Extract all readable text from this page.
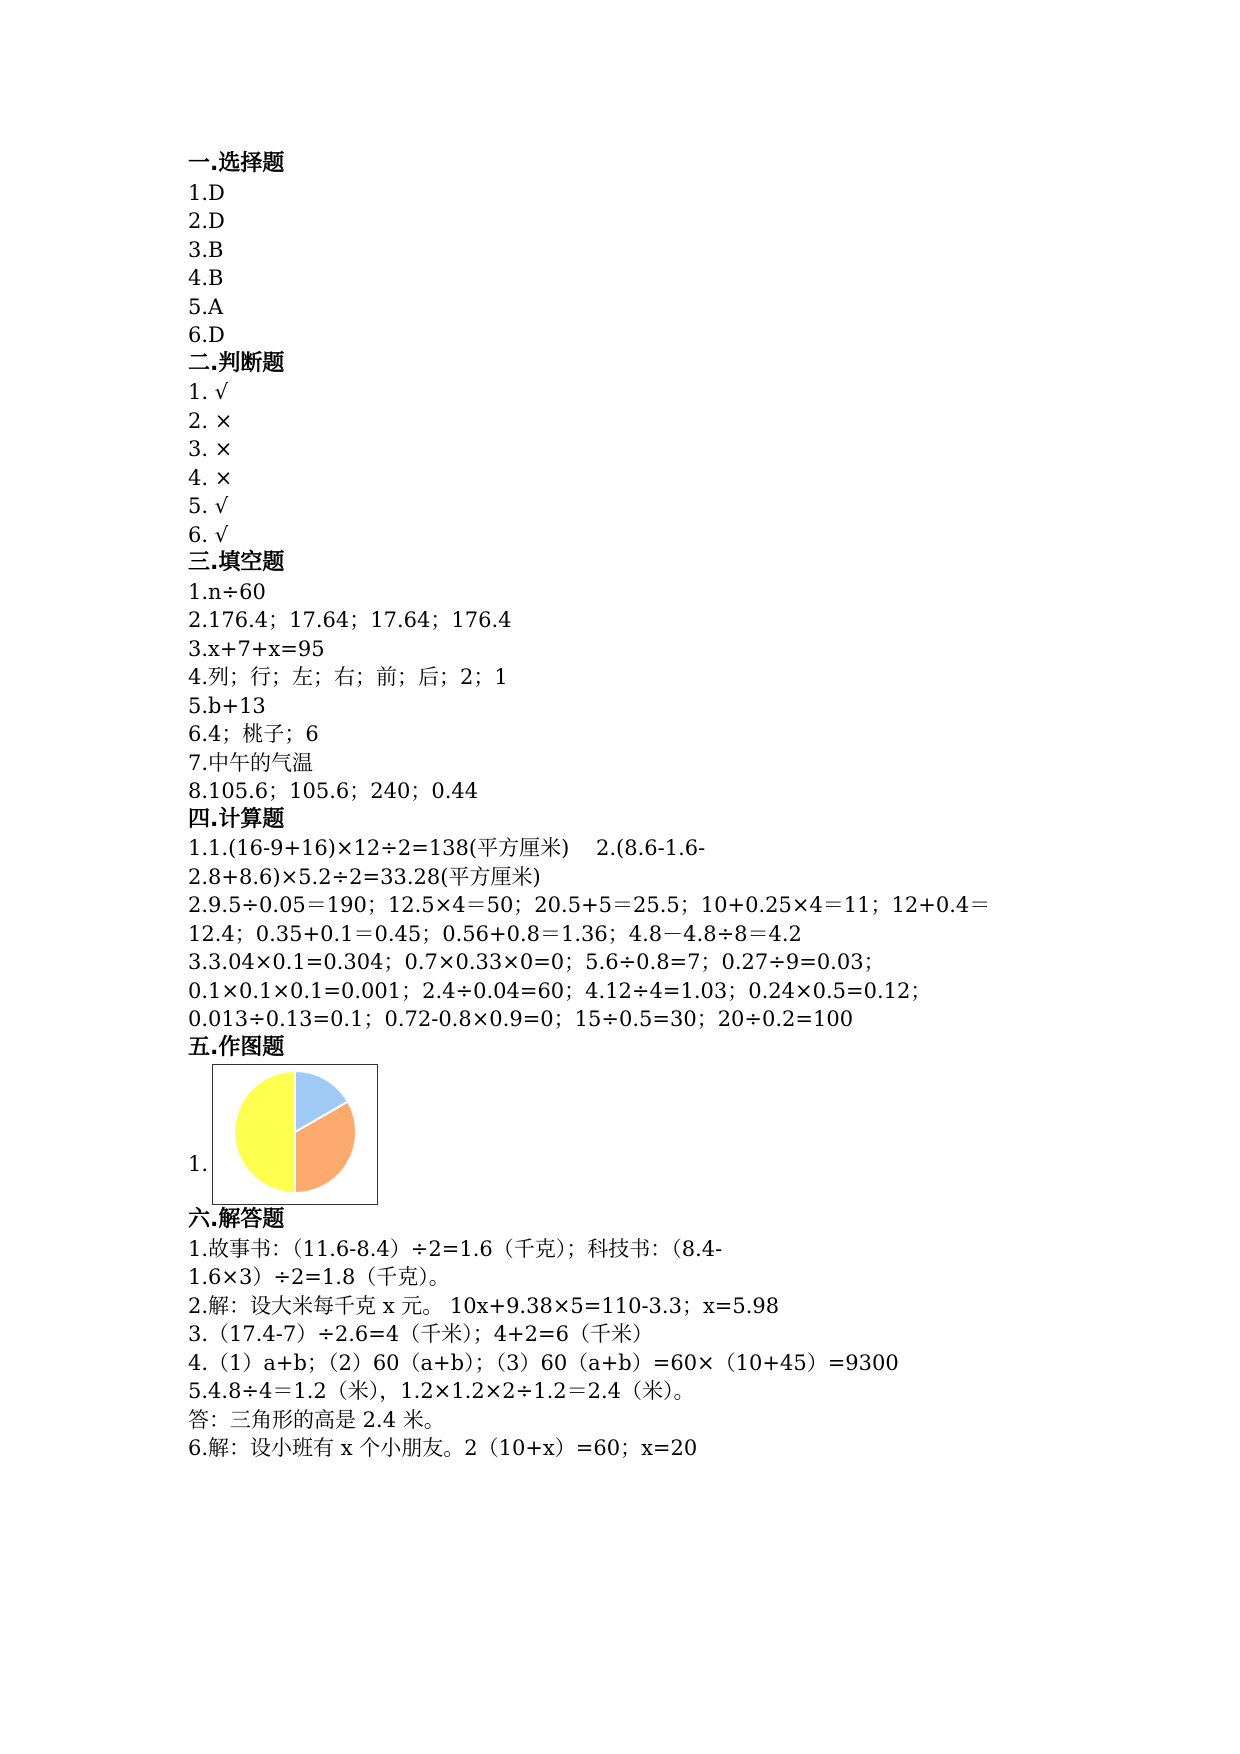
一.选择题
1.D
2.D
3.B
4.B
5.A
6.D
二.判断题
1. √
2. ×
3. ×
4. ×
5. √
6. √
三.填空题
1.n÷60
2.176.4；17.64；17.64；176.4
3.x+7+x=95
4.列；行；左；右；前；后；2；1
5.b+13
6.4；桃子；6
7.中午的气温
8.105.6；105.6；240；0.44
四.计算题
1.1.(16-9+16)×12÷2=138(平方厘米)    2.(8.6-1.6-
2.8+8.6)×5.2÷2=33.28(平方厘米)
2.9.5÷0.05＝190；12.5×4＝50；20.5+5＝25.5；10+0.25×4＝11；12+0.4＝
12.4；0.35+0.1＝0.45；0.56+0.8＝1.36；4.8－4.8÷8＝4.2
3.3.04×0.1=0.304；0.7×0.33×0=0；5.6÷0.8=7；0.27÷9=0.03；
0.1×0.1×0.1=0.001；2.4÷0.04=60；4.12÷4=1.03；0.24×0.5=0.12；
0.013÷0.13=0.1；0.72-0.8×0.9=0；15÷0.5=30；20÷0.2=100
五.作图题
1.
六.解答题
1.故事书：（11.6-8.4）÷2=1.6（千克）；科技书：（8.4-
1.6×3）÷2=1.8（千克）。
2.解：设大米每千克 x 元。 10x+9.38×5=110-3.3；x=5.98
3.（17.4-7）÷2.6=4（千米）；4+2=6（千米）
4.（1）a+b；（2）60（a+b）；（3）60（a+b）=60×（10+45）=9300
5.4.8÷4＝1.2（米），1.2×1.2×2÷1.2＝2.4（米）。
答：三角形的高是 2.4 米。
6.解：设小班有 x 个小朋友。2（10+x）=60；x=20
